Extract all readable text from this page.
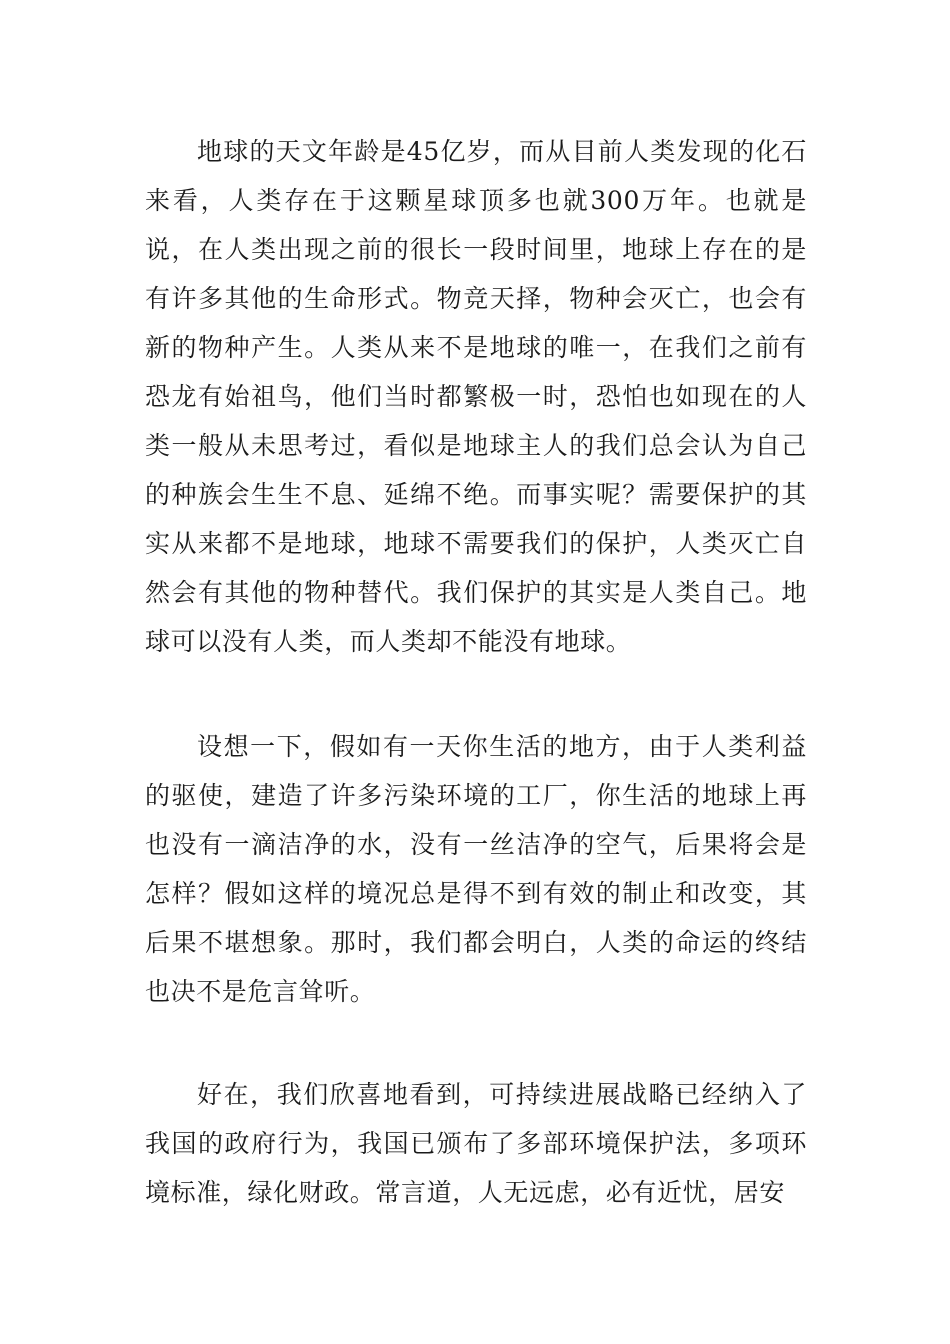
地球的天文年龄是45亿岁，而从目前人类发现的化石来看，人类存在于这颗星球顶多也就300万年。也就是说，在人类出现之前的很长一段时间里，地球上存在的是有许多其他的生命形式。物竞天择，物种会灭亡，也会有新的物种产生。人类从来不是地球的唯一，在我们之前有恐龙有始祖鸟，他们当时都繁极一时，恐怕也如现在的人类一般从未思考过，看似是地球主人的我们总会认为自己的种族会生生不息、延绵不绝。而事实呢？需要保护的其实从来都不是地球，地球不需要我们的保护，人类灭亡自然会有其他的物种替代。我们保护的其实是人类自己。地球可以没有人类，而人类却不能没有地球。

设想一下，假如有一天你生活的地方，由于人类利益的驱使，建造了许多污染环境的工厂，你生活的地球上再也没有一滴洁净的水，没有一丝洁净的空气，后果将会是怎样？假如这样的境况总是得不到有效的制止和改变，其后果不堪想象。那时，我们都会明白，人类的命运的终结也决不是危言耸听。

好在，我们欣喜地看到，可持续进展战略已经纳入了我国的政府行为，我国已颁布了多部环境保护法，多项环境标准，绿化财政。常言道，人无远虑，必有近忧，居安
